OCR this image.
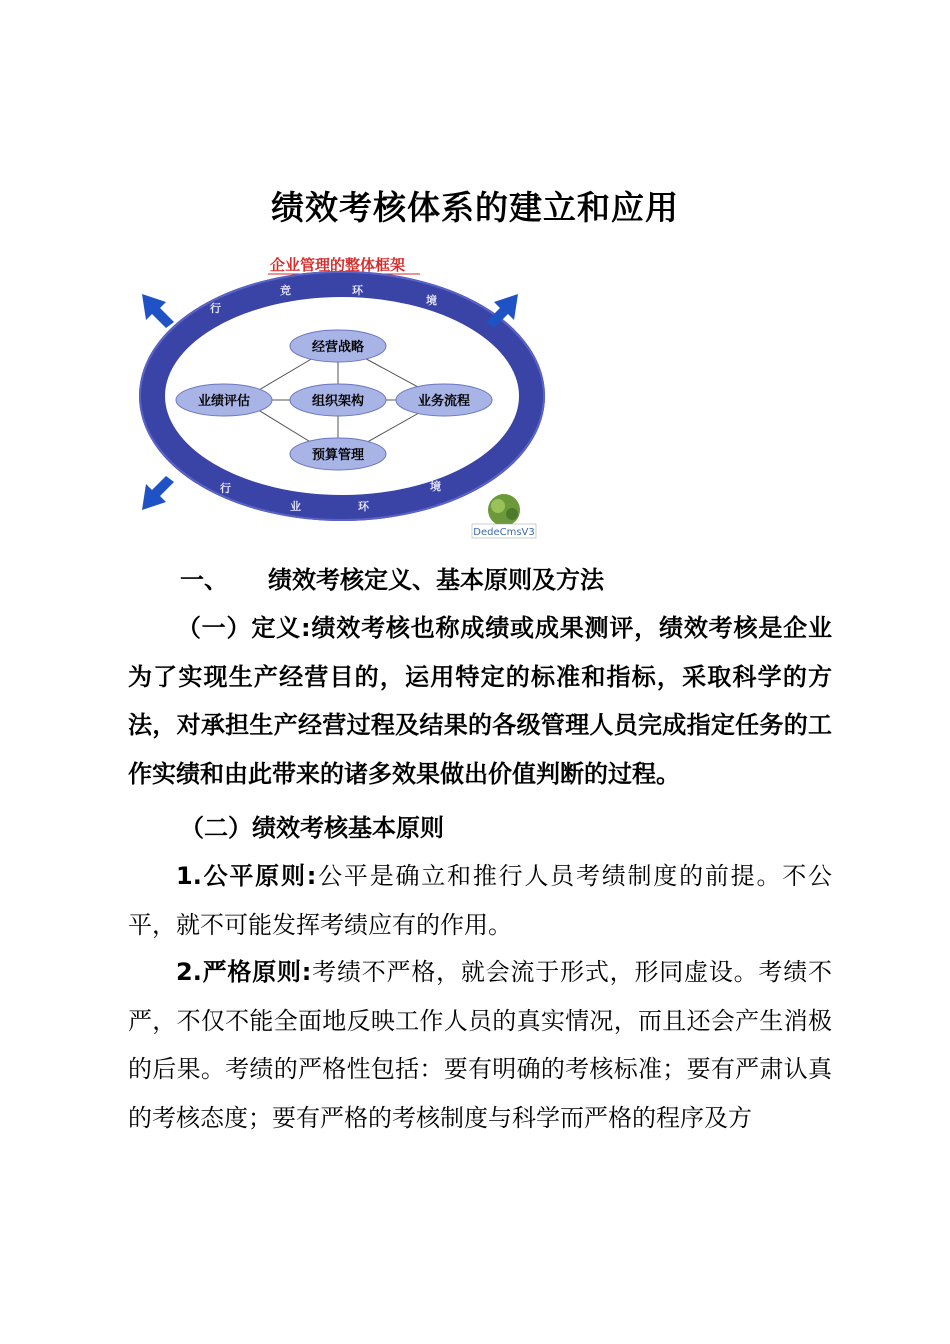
绩效考核体系的建立和应用
企业管理的整体框架
行
竞	环
境
行
业	环
境
经营战略
业绩评估	组织架构	业务流程
预算管理
DedeCmsV3
一、 绩效考核定义、基本原则及方法
（一）定义:绩效考核也称成绩或成果测评，绩效考核是企业为了实现生产经营目的，运用特定的标准和指标，采取科学的方法，对承担生产经营过程及结果的各级管理人员完成指定任务的工作实绩和由此带来的诸多效果做出价值判断的过程。
（二）绩效考核基本原则
1.公平原则:公平是确立和推行人员考绩制度的前提。不公平，就不可能发挥考绩应有的作用。
2.严格原则:考绩不严格，就会流于形式，形同虚设。考绩不严，不仅不能全面地反映工作人员的真实情况，而且还会产生消极的后果。考绩的严格性包括：要有明确的考核标准；要有严肃认真的考核态度；要有严格的考核制度与科学而严格的程序及方
